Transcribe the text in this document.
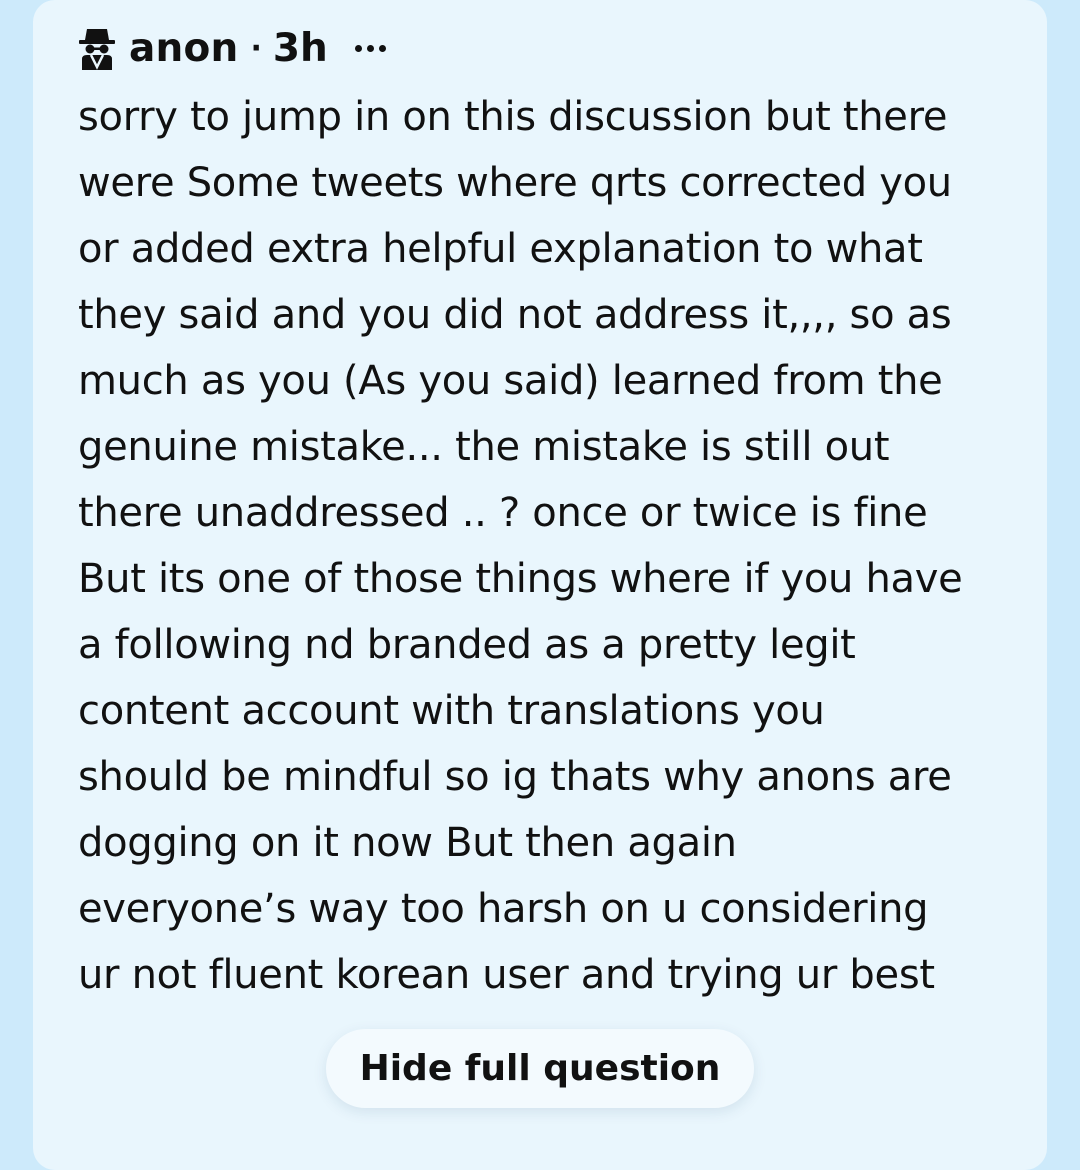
anon · 3h
sorry to jump in on this discussion but there
were Some tweets where qrts corrected you
or added extra helpful explanation to what
they said and you did not address it,,,, so as
much as you (As you said) learned from the
genuine mistake... the mistake is still out
there unaddressed .. ? once or twice is fine
But its one of those things where if you have
a following nd branded as a pretty legit
content account with translations you
should be mindful so ig thats why anons are
dogging on it now But then again
everyone’s way too harsh on u considering
ur not fluent korean user and trying ur best
Hide full question
